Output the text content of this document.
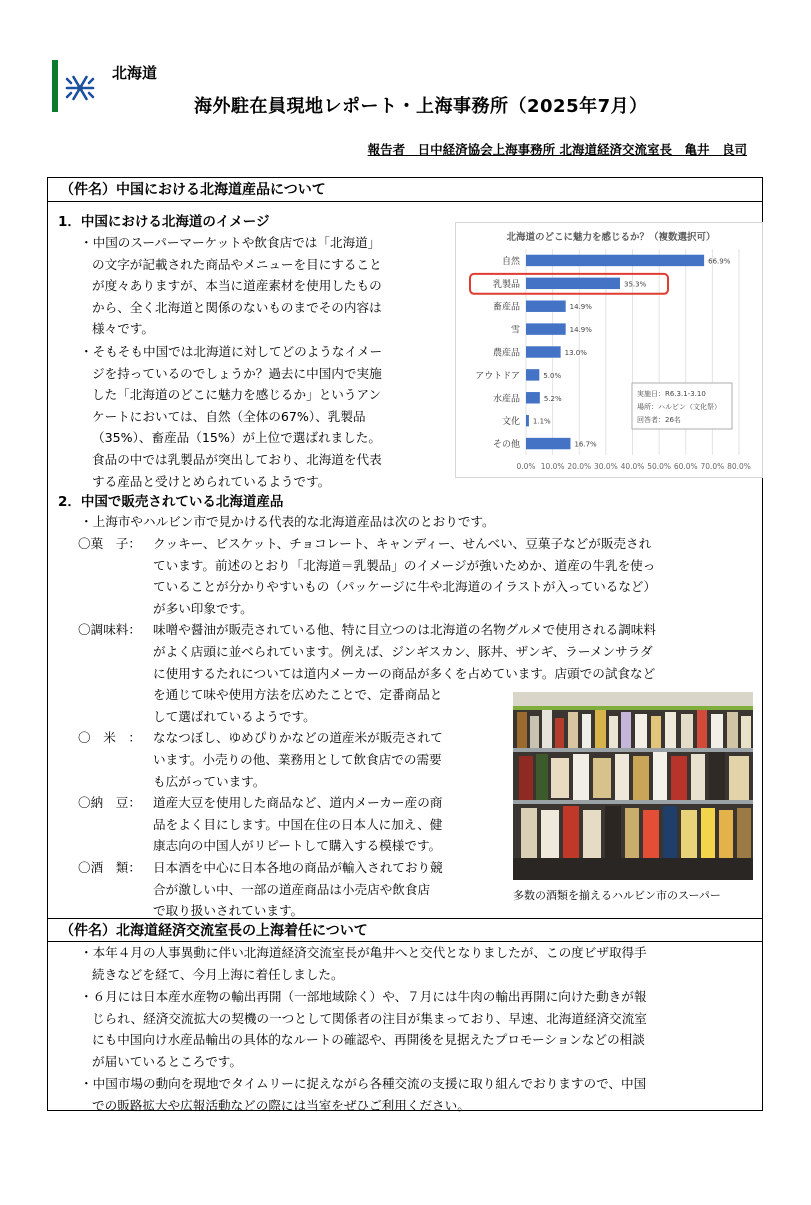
北海道
海外駐在員現地レポート・上海事務所（2025年7月）
報告者　日中経済協会上海事務所 北海道経済交流室長　亀井　良司
（件名）中国における北海道産品について
（件名）北海道経済交流室長の上海着任について
1．中国における北海道のイメージ
・中国のスーパーマーケットや飲食店では「北海道」
の文字が記載された商品やメニューを目にすること
が度々ありますが、本当に道産素材を使用したもの
から、全く北海道と関係のないものまでその内容は
様々です。
・そもそも中国では北海道に対してどのようなイメー
ジを持っているのでしょうか？過去に中国内で実施
した「北海道のどこに魅力を感じるか」というアン
ケートにおいては、自然（全体の67%）、乳製品
（35%）、畜産品（15%）が上位で選ばれました。
食品の中では乳製品が突出しており、北海道を代表
する産品と受けとめられているようです。
北海道のどこに魅力を感じるか？（複数選択可）
0.0% 10.0% 20.0% 30.0% 40.0% 50.0% 60.0% 70.0% 80.0%
自然	66.9%
乳製品	35.3%
畜産品	14.9%
雪	14.9%
農産品	13.0%
アウトドア	5.0%
水産品	5.2%
文化 1.1%
その他	16.7%
実施日：R6.3.1-3.10
場所：ハルビン（文化祭）
回答者：26名
2．中国で販売されている北海道産品
・上海市やハルビン市で見かける代表的な北海道産品は次のとおりです。
〇菓　子： クッキー、ビスケット、チョコレート、キャンディー、せんべい、豆菓子などが販売され
ています。前述のとおり「北海道＝乳製品」のイメージが強いためか、道産の牛乳を使っ
ていることが分かりやすいもの（パッケージに牛や北海道のイラストが入っているなど）
が多い印象です。
〇調味料： 味噌や醤油が販売されている他、特に目立つのは北海道の名物グルメで使用される調味料
がよく店頭に並べられています。例えば、ジンギスカン、豚丼、ザンギ、ラーメンサラダ
に使用するたれについては道内メーカーの商品が多くを占めています。店頭での試食など
を通じて味や使用方法を広めたことで、定番商品と
して選ばれているようです。
〇　米　： ななつぼし、ゆめぴりかなどの道産米が販売されて
います。小売りの他、業務用として飲食店での需要
も広がっています。
〇納　豆： 道産大豆を使用した商品など、道内メーカー産の商
品をよく目にします。中国在住の日本人に加え、健
康志向の中国人がリピートして購入する模様です。
〇酒　類： 日本酒を中心に日本各地の商品が輸入されており競
合が激しい中、一部の道産商品は小売店や飲食店
で取り扱いされています。
多数の酒類を揃えるハルビン市のスーパー
・本年４月の人事異動に伴い北海道経済交流室長が亀井へと交代となりましたが、この度ビザ取得手
続きなどを経て、今月上海に着任しました。
・６月には日本産水産物の輸出再開（一部地域除く）や、７月には牛肉の輸出再開に向けた動きが報
じられ、経済交流拡大の契機の一つとして関係者の注目が集まっており、早速、北海道経済交流室
にも中国向け水産品輸出の具体的なルートの確認や、再開後を見据えたプロモーションなどの相談
が届いているところです。
・中国市場の動向を現地でタイムリーに捉えながら各種交流の支援に取り組んでおりますので、中国
での販路拡大や広報活動などの際には当室をぜひご利用ください。
